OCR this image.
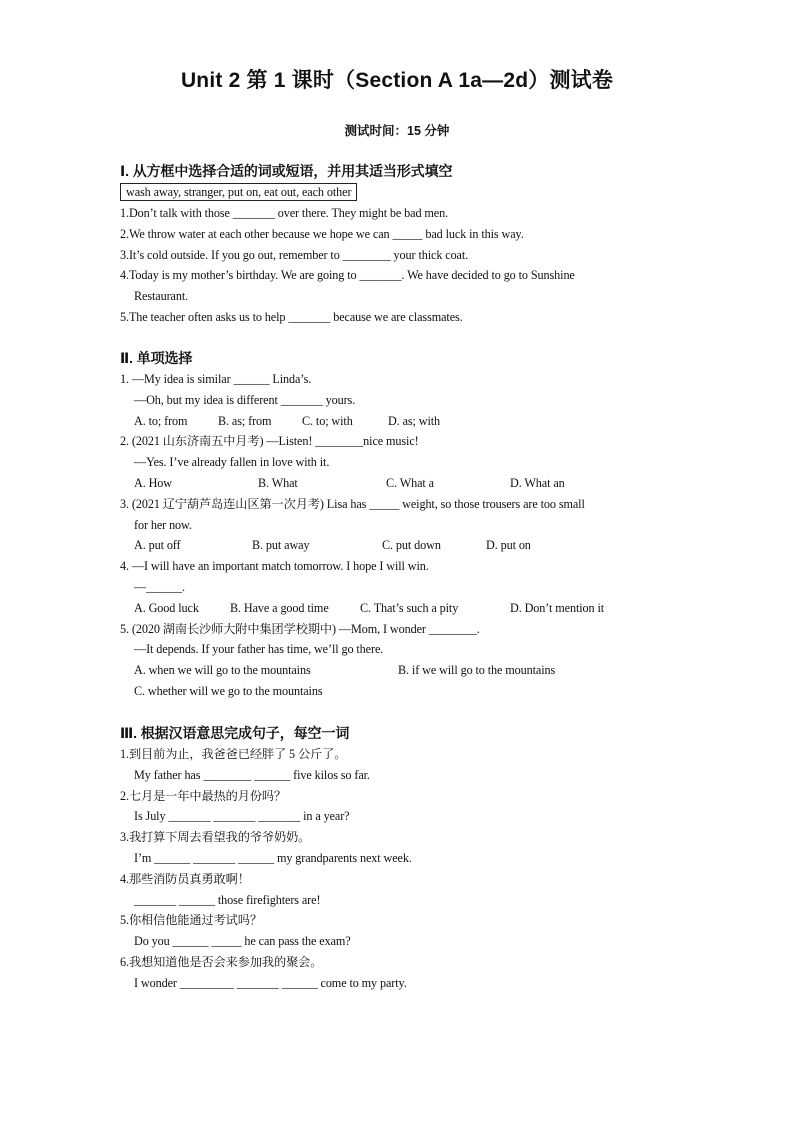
Unit 2 第 1 课时（Section A 1a—2d）测试卷
测试时间：15 分钟
Ⅰ. 从方框中选择合适的词或短语，并用其适当形式填空
wash away, stranger, put on, eat out, each other
1.Don’t talk with those _______ over there. They might be bad men.
2.We throw water at each other because we hope we can _____ bad luck in this way.
3.It’s cold outside. If you go out, remember to ________ your thick coat.
4.Today is my mother’s birthday. We are going to _______. We have decided to go to Sunshine
Restaurant.
5.The teacher often asks us to help _______ because we are classmates.
Ⅱ. 单项选择
1. —My idea is similar ______ Linda’s.
—Oh, but my idea is different _______ yours.
A. to; from	B. as; from	C. to; with	D. as; with
2. (2021 山东济南五中月考) —Listen! ________nice music!
—Yes. I’ve already fallen in love with it.
A. How	B. What	C. What a	D. What an
3. (2021 辽宁葫芦岛连山区第一次月考) Lisa has _____ weight, so those trousers are too small
for her now.
A. put off	B. put away	C. put down	D. put on
4. —I will have an important match tomorrow. I hope I will win.
—______.
A. Good luck	B. Have a good time	C. That’s such a pity	D. Don’t mention it
5. (2020 湖南长沙师大附中集团学校期中) —Mom, I wonder ________.
—It depends. If your father has time, we’ll go there.
A. when we will go to the mountains	B. if we will go to the mountains
C. whether will we go to the mountains
Ⅲ. 根据汉语意思完成句子，每空一词
1.到目前为止，我爸爸已经胖了 5 公斤了。
My father has ________ ______ five kilos so far.
2.七月是一年中最热的月份吗？
Is July _______ _______ _______ in a year?
3.我打算下周去看望我的爷爷奶奶。
I’m ______ _______ ______ my grandparents next week.
4.那些消防员真勇敢啊！
_______ ______ those firefighters are!
5.你相信他能通过考试吗？
Do you ______ _____ he can pass the exam?
6.我想知道他是否会来参加我的聚会。
I wonder _________ _______ ______ come to my party.
